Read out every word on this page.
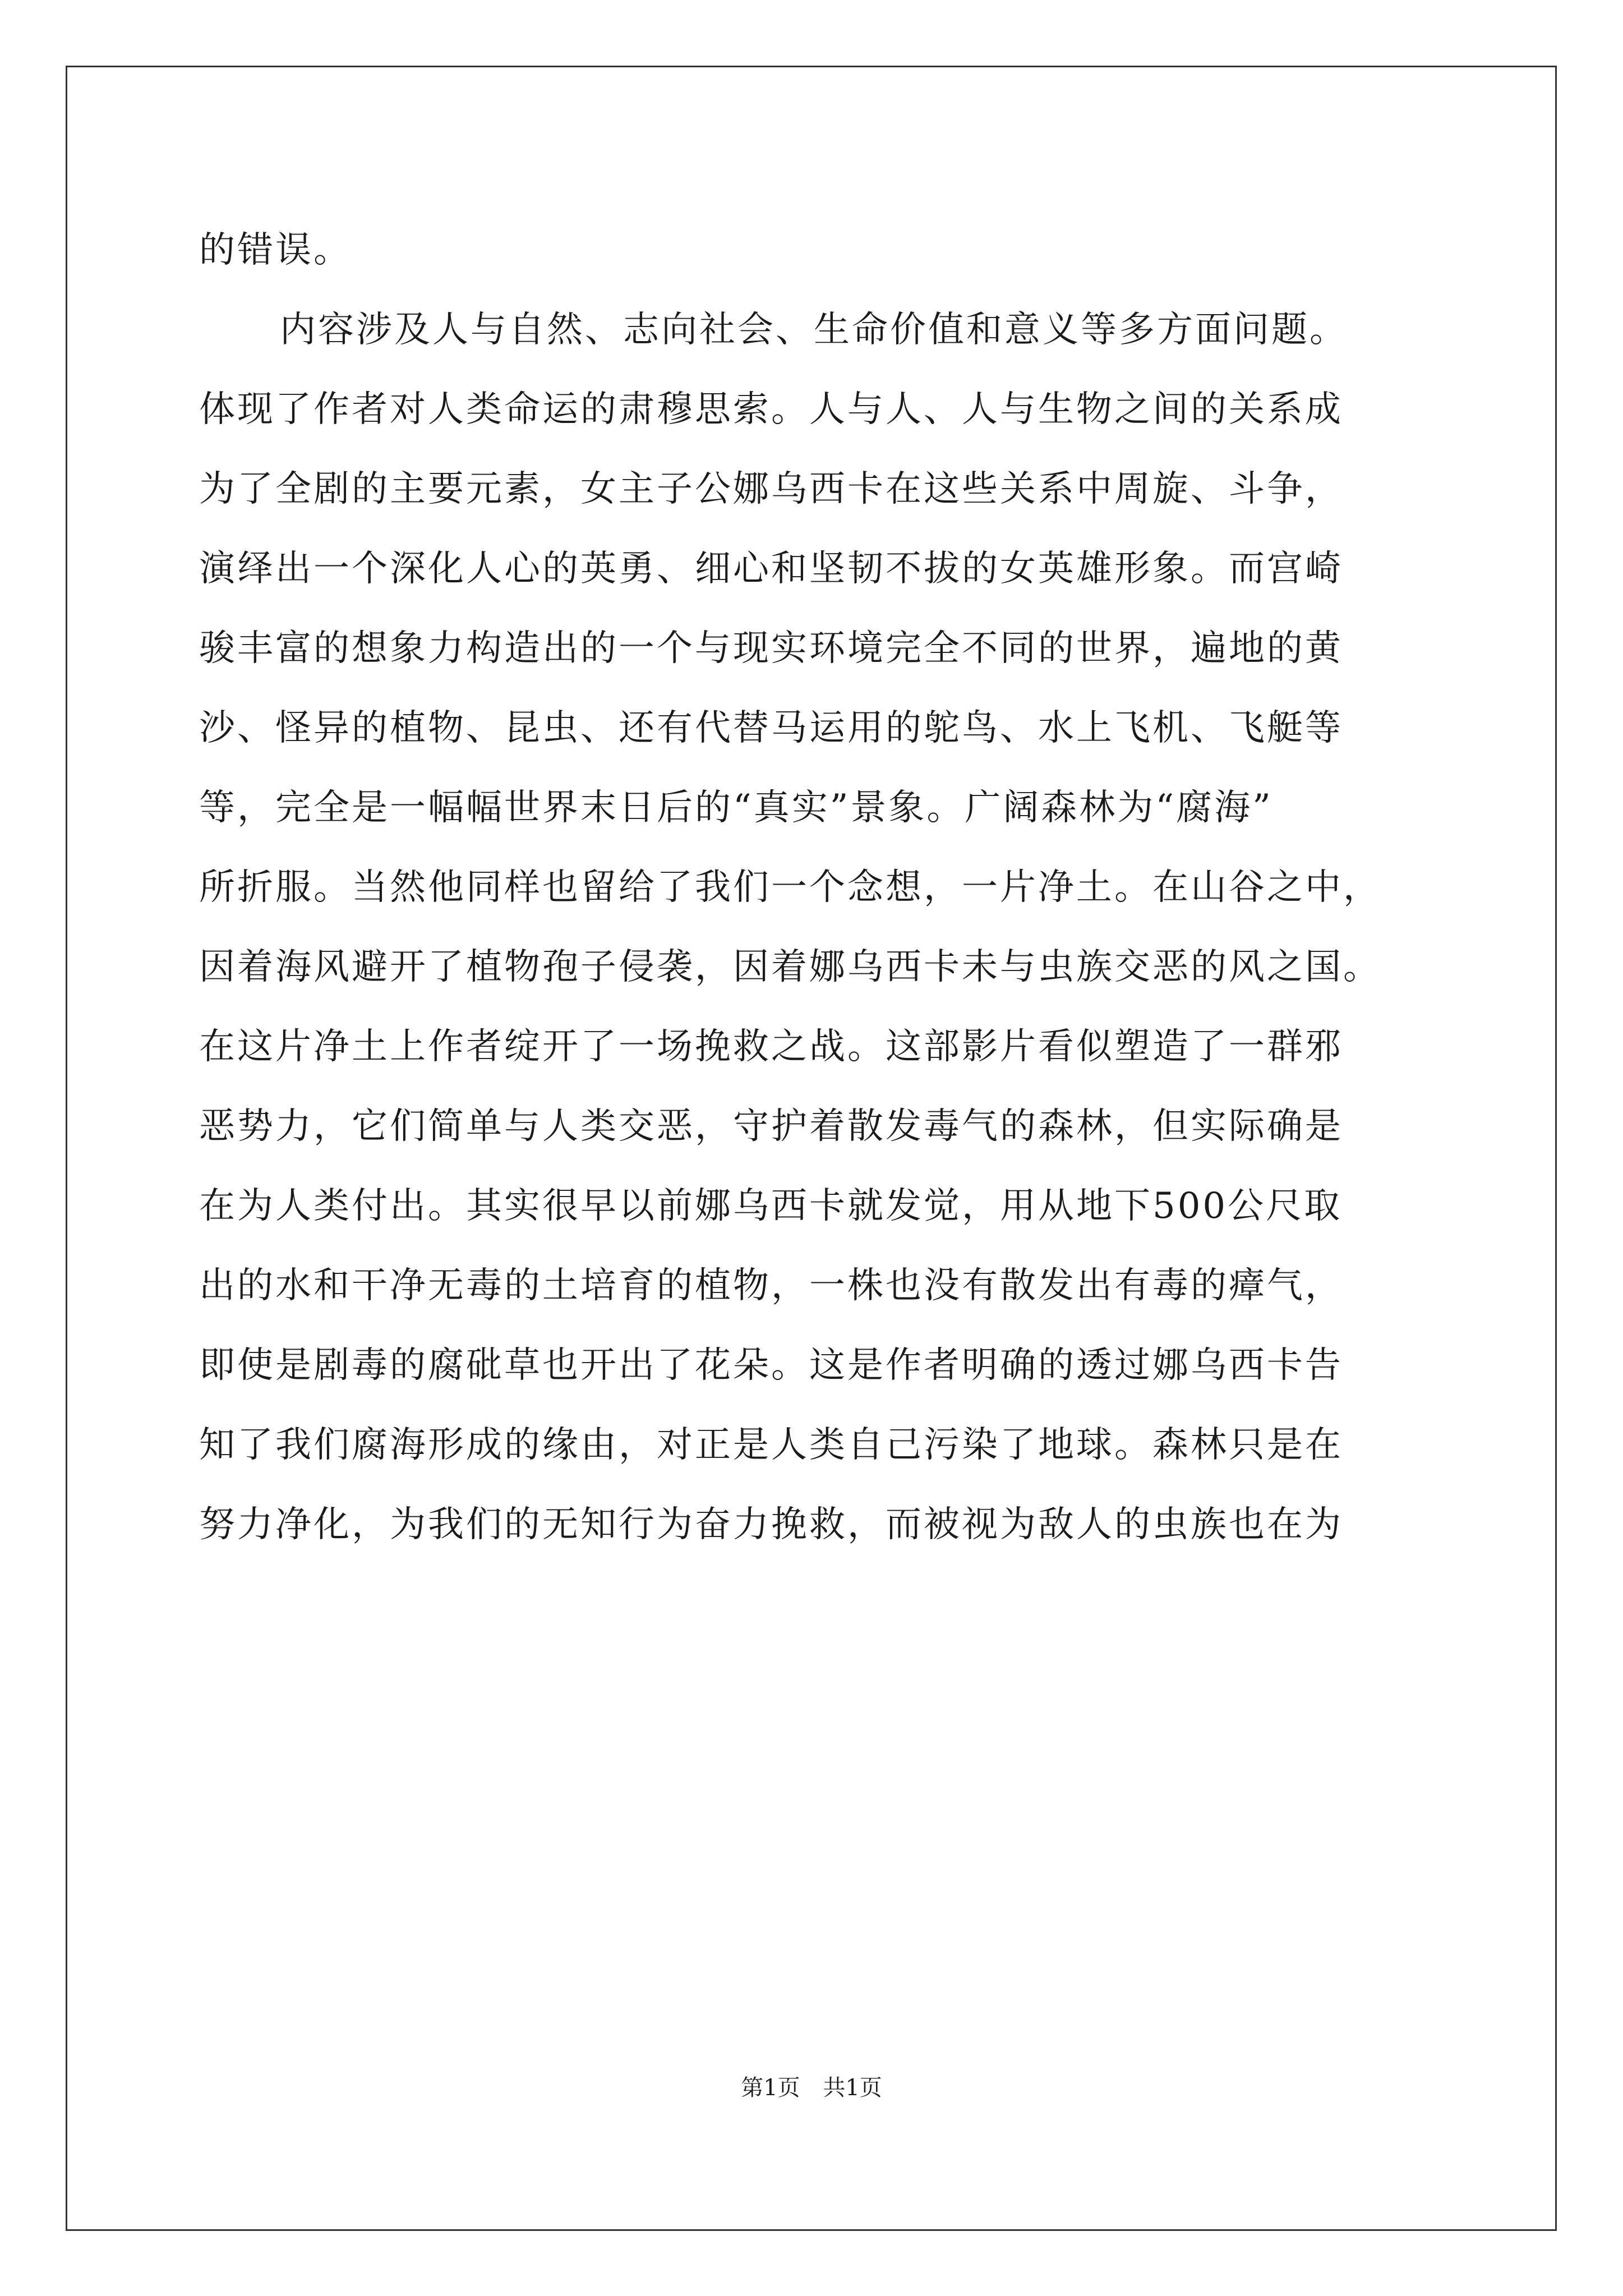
的错误。
内容涉及人与自然、志向社会、生命价值和意义等多方面问题。
体现了作者对人类命运的肃穆思索。人与人、人与生物之间的关系成
为了全剧的主要元素，女主子公娜乌西卡在这些关系中周旋、斗争，
演绎出一个深化人心的英勇、细心和坚韧不拔的女英雄形象。而宫崎
骏丰富的想象力构造出的一个与现实环境完全不同的世界，遍地的黄
沙、怪异的植物、昆虫、还有代替马运用的鸵鸟、水上飞机、飞艇等
等，完全是一幅幅世界末日后的“真实”景象。广阔森林为“腐海”
所折服。当然他同样也留给了我们一个念想，一片净土。在山谷之中，
因着海风避开了植物孢子侵袭，因着娜乌西卡未与虫族交恶的风之国。
在这片净土上作者绽开了一场挽救之战。这部影片看似塑造了一群邪
恶势力，它们简单与人类交恶，守护着散发毒气的森林，但实际确是
在为人类付出。其实很早以前娜乌西卡就发觉，用从地下500公尺取
出的水和干净无毒的土培育的植物，一株也没有散发出有毒的瘴气，
即使是剧毒的腐砒草也开出了花朵。这是作者明确的透过娜乌西卡告
知了我们腐海形成的缘由，对正是人类自己污染了地球。森林只是在
努力净化，为我们的无知行为奋力挽救，而被视为敌人的虫族也在为
第1页 共1页
